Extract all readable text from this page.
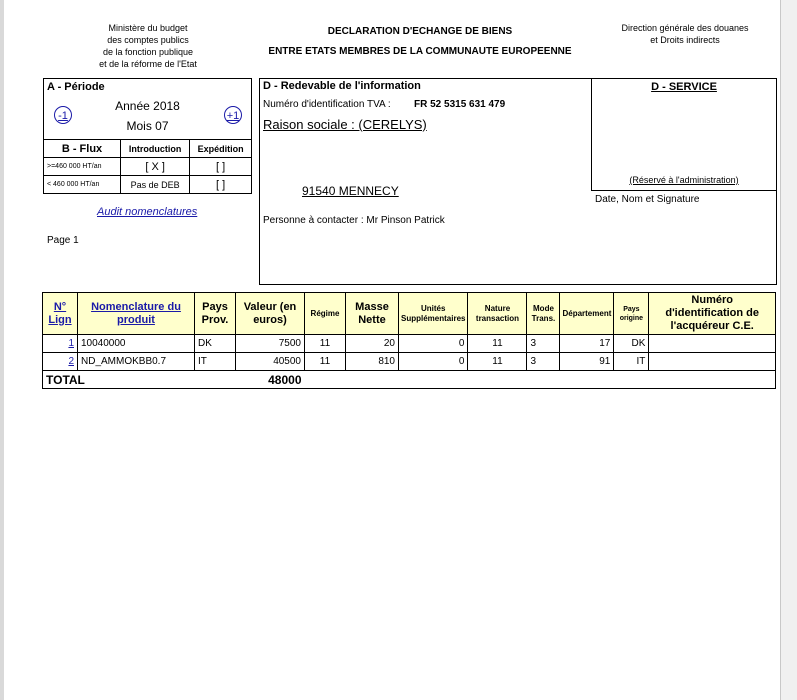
Ministère du budget
des comptes publics
de la fonction publique
et de la réforme de l'Etat
DECLARATION D'ECHANGE DE BIENS
ENTRE ETATS MEMBRES DE LA COMMUNAUTE EUROPEENNE
Direction générale des douanes
et Droits indirects
A - Période
Année 2018
Mois 07
-1	+1
B - Flux	Introduction	Expédition
>=460 000 HT/an	[ X ]	[ ]
< 460 000 HT/an	Pas de DEB	[ ]
Audit nomenclatures
Page 1
D - Redevable de l'information
Numéro d'identification TVA : FR 52 5315 631 479
Raison sociale : (CERELYS)
91540 MENNECY
Personne à contacter : Mr Pinson Patrick
D - SERVICE
(Réservé à l'administration)
Date, Nom et Signature
N° Lign	Nomenclature du produit	Pays Prov.	Valeur (en euros)	Régime	Masse Nette	Unités Supplémentaires	Nature transaction	Mode Trans.	Département	Pays origine	Numéro d'identification de l'acquéreur C.E.
1	10040000	DK	7500	11	20	0	11	3	17	DK	
2	ND_AMMOKBB0.7	IT	40500	11	810	0	11	3	91	IT	
TOTAL			48000								
